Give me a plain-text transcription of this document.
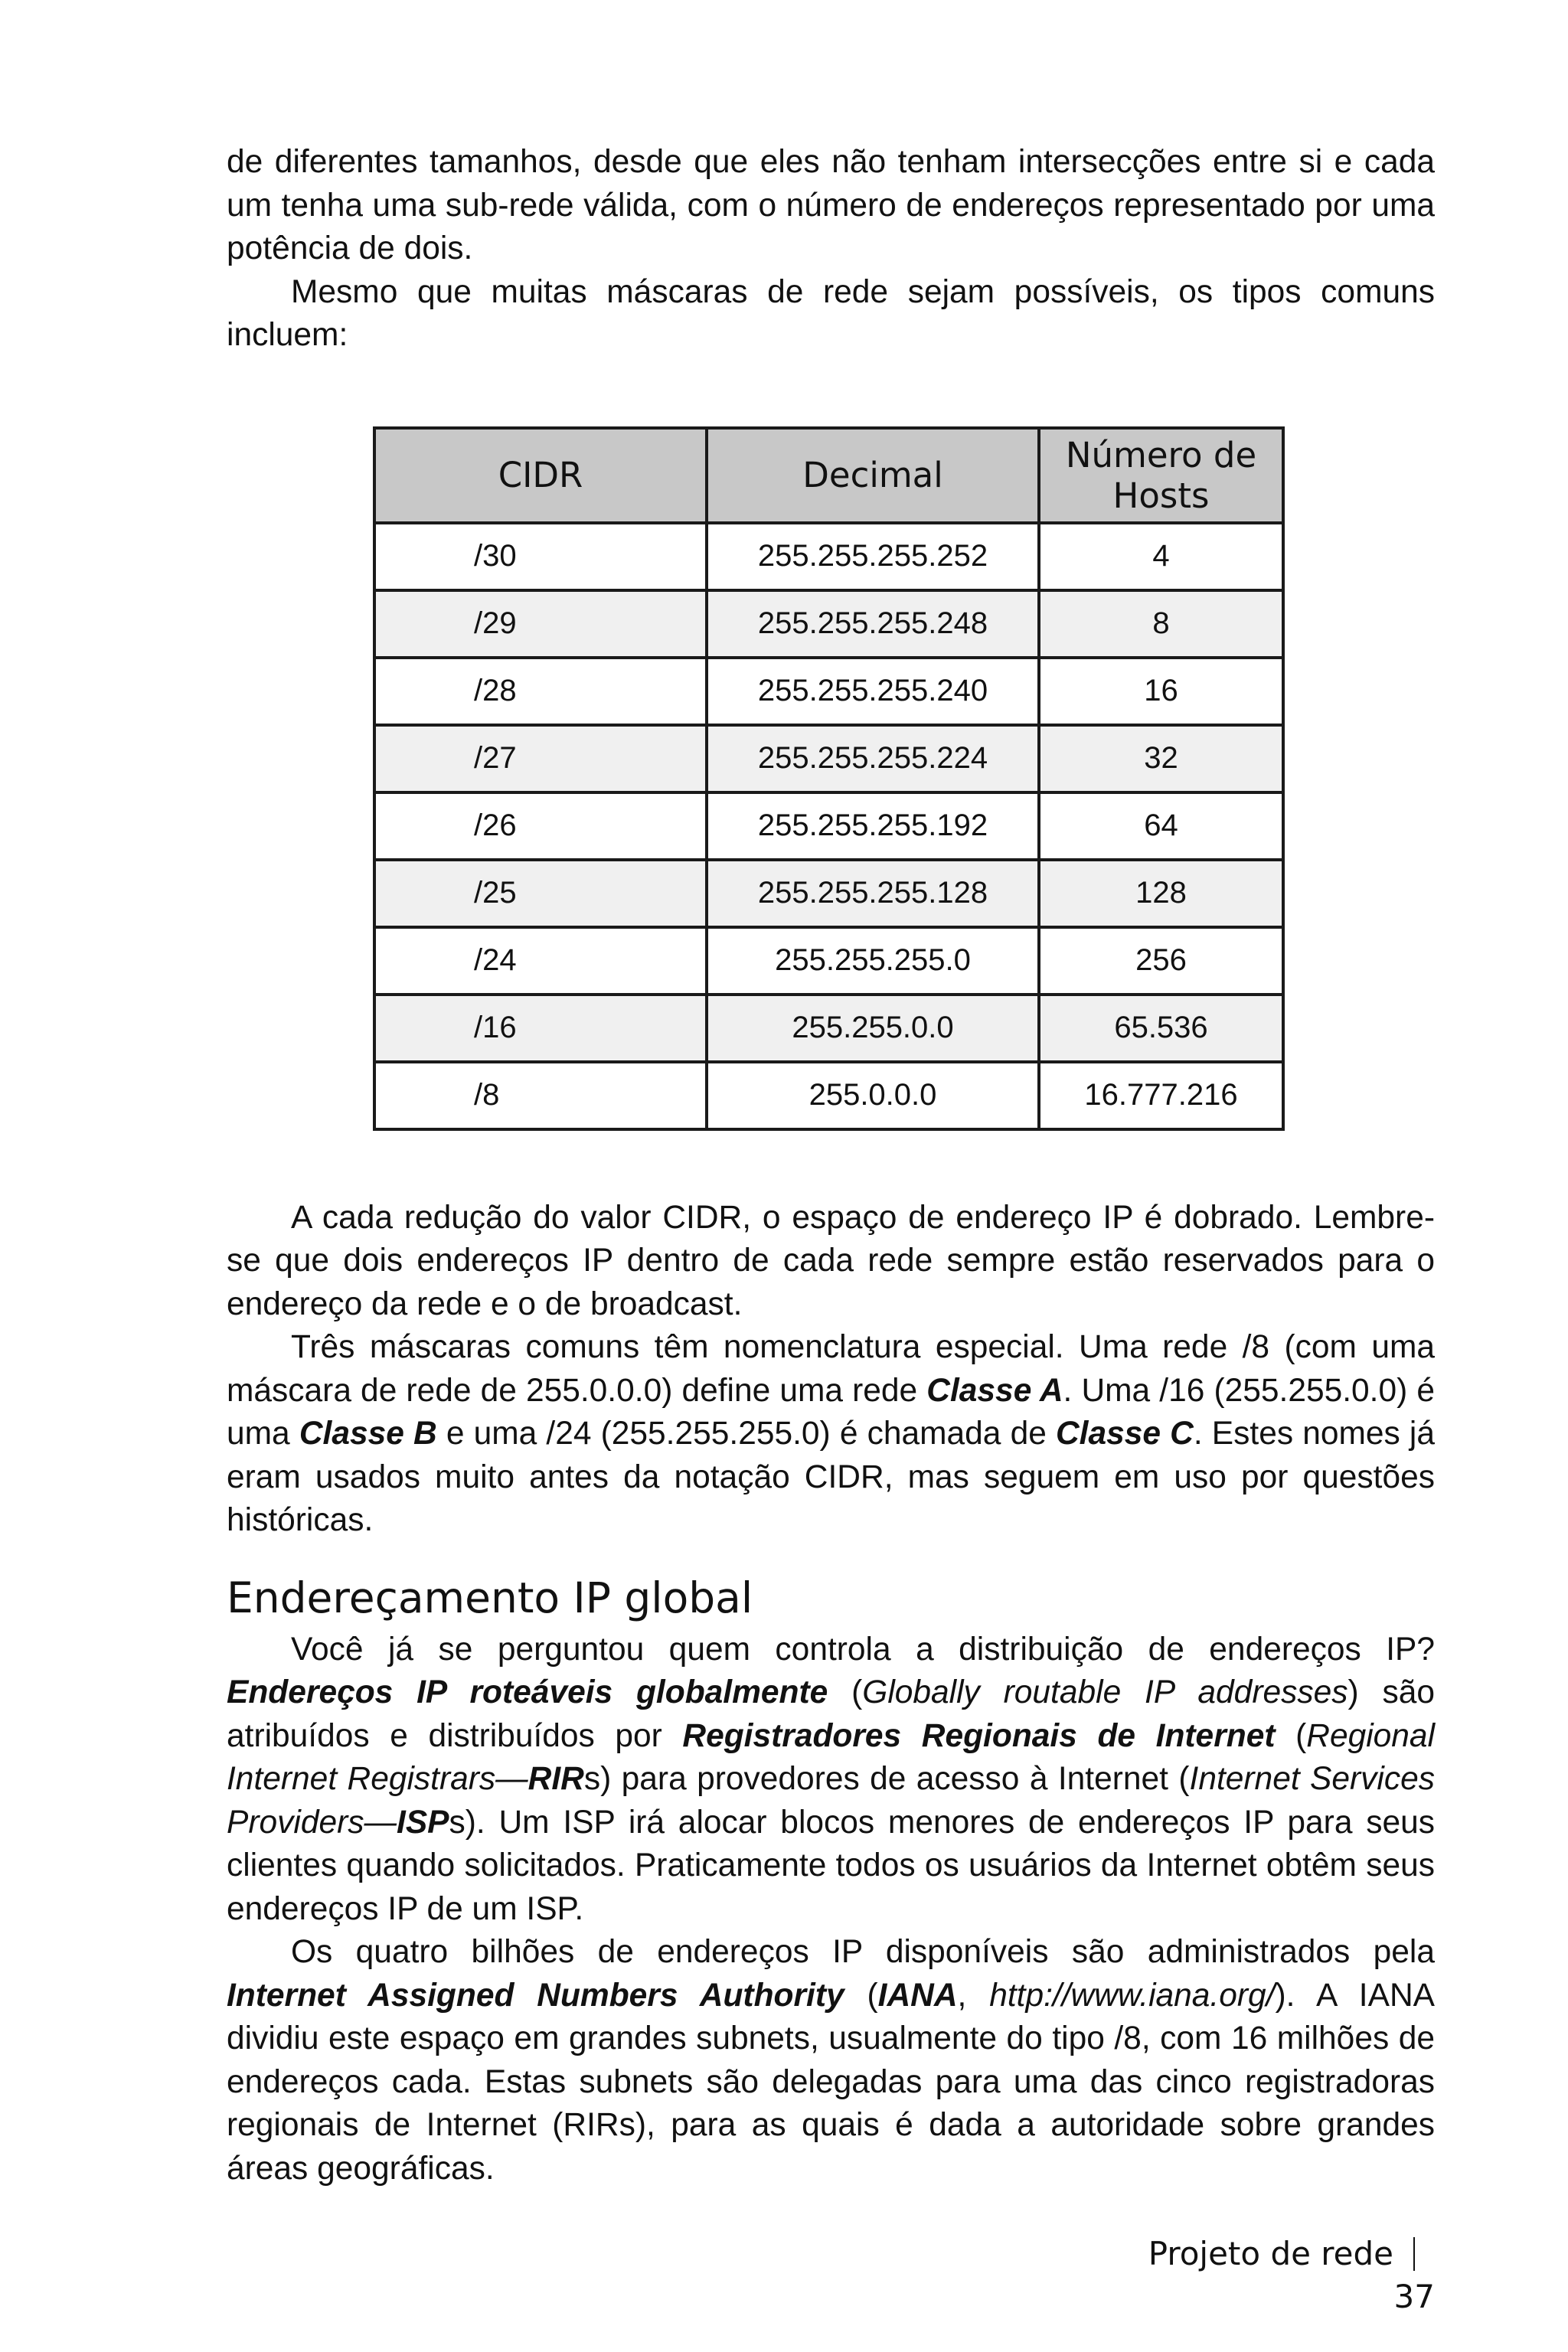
de diferentes tamanhos, desde que eles não tenham intersecções entre si e cada um tenha uma sub-rede válida, com o número de endereços representado por uma potência de dois.

Mesmo que muitas máscaras de rede sejam possíveis, os tipos comuns incluem:

CIDR	Decimal	Número de Hosts
/30	255.255.255.252	4
/29	255.255.255.248	8
/28	255.255.255.240	16
/27	255.255.255.224	32
/26	255.255.255.192	64
/25	255.255.255.128	128
/24	255.255.255.0	256
/16	255.255.0.0	65.536
/8	255.0.0.0	16.777.216

A cada redução do valor CIDR, o espaço de endereço IP é dobrado. Lembre-se que dois endereços IP dentro de cada rede sempre estão reservados para o endereço da rede e o de broadcast.

Três máscaras comuns têm nomenclatura especial. Uma rede /8 (com uma máscara de rede de 255.0.0.0) define uma rede Classe A. Uma /16 (255.255.0.0) é uma Classe B e uma /24 (255.255.255.0) é chamada de Classe C. Estes nomes já eram usados muito antes da notação CIDR, mas seguem em uso por questões históricas.

Endereçamento IP global

Você já se perguntou quem controla a distribuição de endereços IP? Endereços IP roteáveis globalmente (Globally routable IP addresses) são atribuídos e distribuídos por Registradores Regionais de Internet (Regional Internet Registrars—RIRs) para provedores de acesso à Internet (Internet Services Providers—ISPs). Um ISP irá alocar blocos menores de endereços IP para seus clientes quando solicitados. Praticamente todos os usuários da Internet obtêm seus endereços IP de um ISP.

Os quatro bilhões de endereços IP disponíveis são administrados pela Internet Assigned Numbers Authority (IANA, http://www.iana.org/). A IANA dividiu este espaço em grandes subnets, usualmente do tipo /8, com 16 milhões de endereços cada. Estas subnets são delegadas para uma das cinco registradoras regionais de Internet (RIRs), para as quais é dada a autoridade sobre grandes áreas geográficas.

Projeto de rede37
